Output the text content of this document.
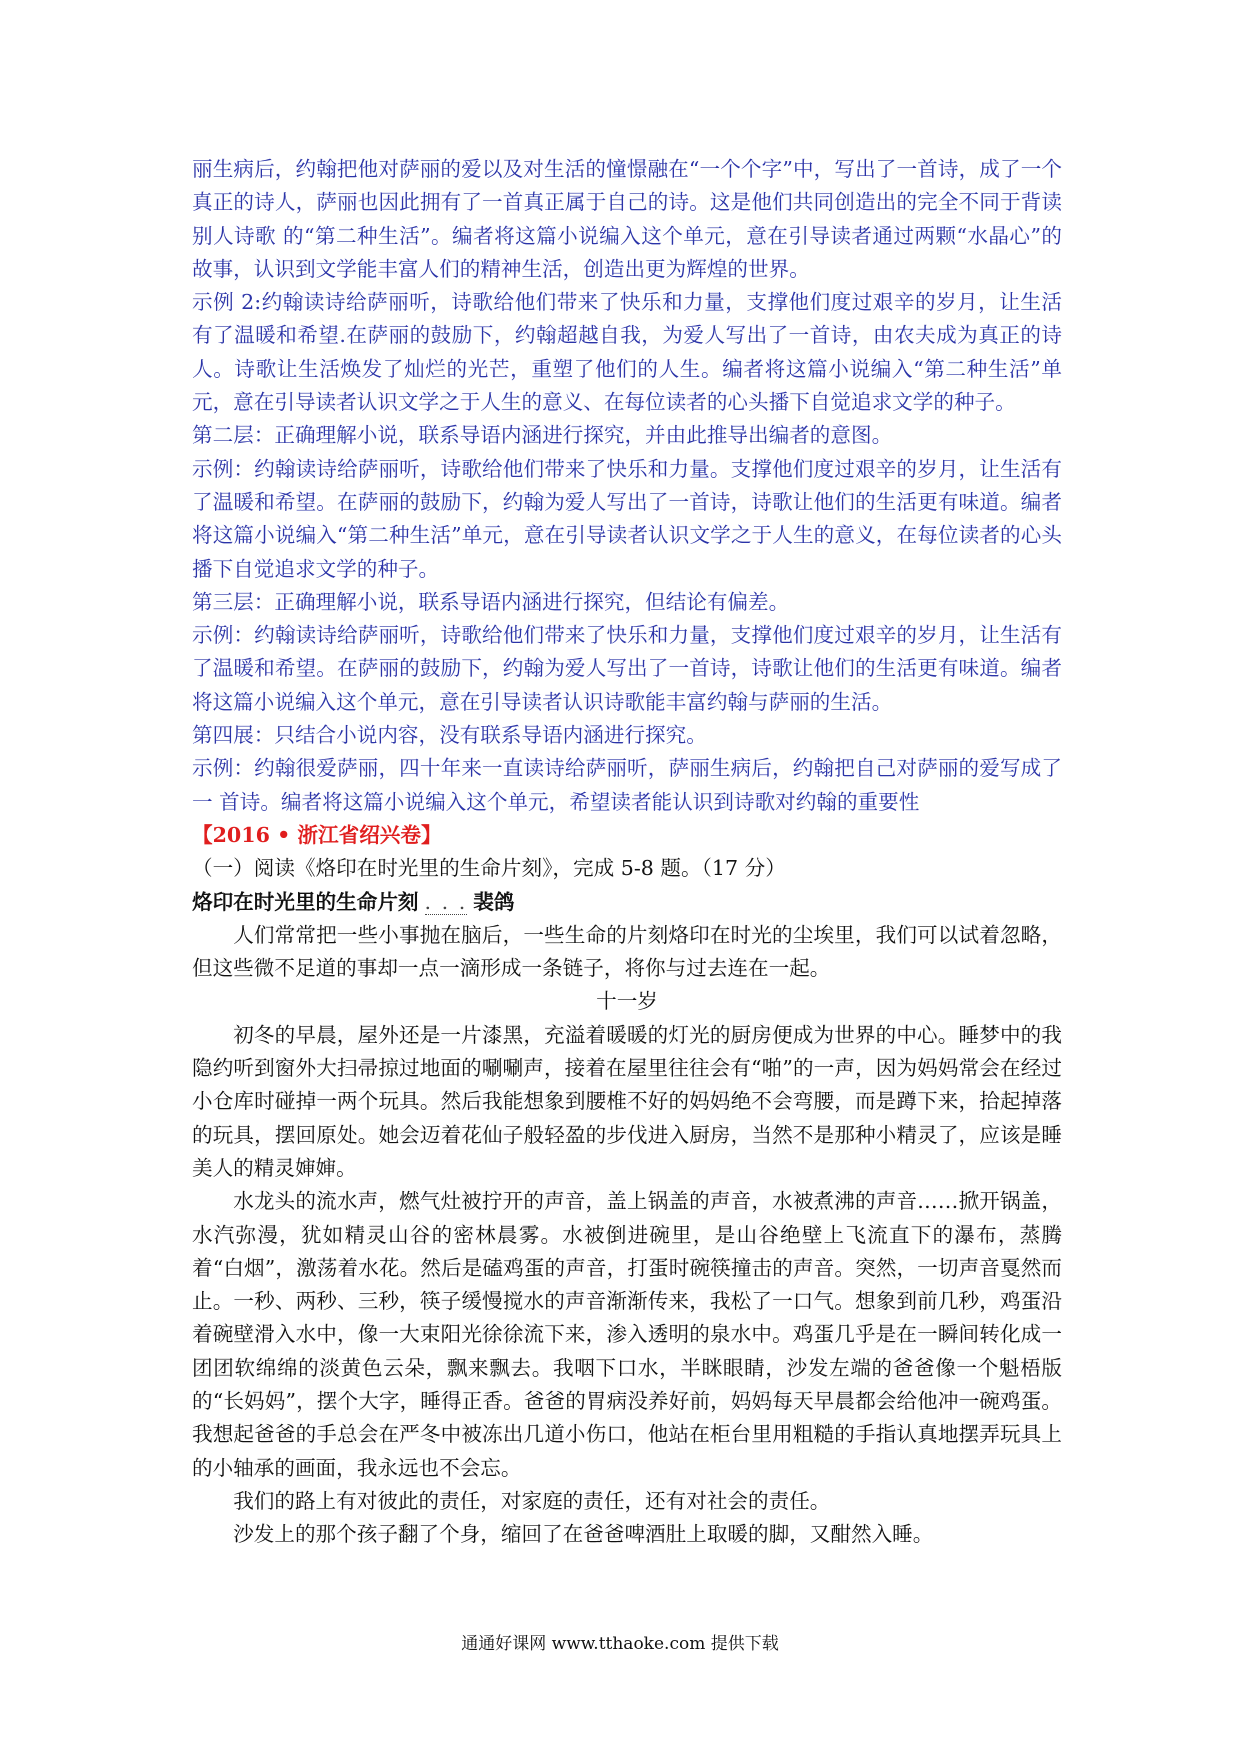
丽生病后，约翰把他对萨丽的爱以及对生活的憧憬融在“一个个字”中，写出了一首诗，成了一个真正的诗人，萨丽也因此拥有了一首真正属于自己的诗。这是他们共同创造出的完全不同于背读别人诗歌 的“第二种生活”。编者将这篇小说编入这个单元，意在引导读者通过两颗“水晶心”的故事，认识到文学能丰富人们的精神生活，创造出更为辉煌的世界。

示例 2:约翰读诗给萨丽听，诗歌给他们带来了快乐和力量，支撑他们度过艰辛的岁月，让生活有了温暖和希望.在萨丽的鼓励下，约翰超越自我，为爱人写出了一首诗，由农夫成为真正的诗人。诗歌让生活焕发了灿烂的光芒，重塑了他们的人生。编者将这篇小说编入“第二种生活”单元，意在引导读者认识文学之于人生的意义、在每位读者的心头播下自觉追求文学的种子。

第二层：正确理解小说，联系导语内涵进行探究，并由此推导出编者的意图。

示例：约翰读诗给萨丽听，诗歌给他们带来了快乐和力量。支撑他们度过艰辛的岁月，让生活有了温暖和希望。在萨丽的鼓励下，约翰为爱人写出了一首诗，诗歌让他们的生活更有味道。编者将这篇小说编入“第二种生活”单元，意在引导读者认识文学之于人生的意义，在每位读者的心头播下自觉追求文学的种子。

第三层：正确理解小说，联系导语内涵进行探究，但结论有偏差。

示例：约翰读诗给萨丽听，诗歌给他们带来了快乐和力量，支撑他们度过艰辛的岁月，让生活有了温暖和希望。在萨丽的鼓励下，约翰为爱人写出了一首诗，诗歌让他们的生活更有味道。编者将这篇小说编入这个单元，意在引导读者认识诗歌能丰富约翰与萨丽的生活。

第四展：只结合小说内容，没有联系导语内涵进行探究。

示例：约翰很爱萨丽，四十年来一直读诗给萨丽听，萨丽生病后，约翰把自己对萨丽的爱写成了一 首诗。编者将这篇小说编入这个单元，希望读者能认识到诗歌对约翰的重要性

【2016 • 浙江省绍兴卷】

（一）阅读《烙印在时光里的生命片刻》，完成 5-8 题。（17 分）

烙印在时光里的生命片刻 . . . 裴鸽

人们常常把一些小事抛在脑后，一些生命的片刻烙印在时光的尘埃里，我们可以试着忽略，但这些微不足道的事却一点一滴形成一条链子，将你与过去连在一起。

十一岁

初冬的早晨，屋外还是一片漆黑，充溢着暖暖的灯光的厨房便成为世界的中心。睡梦中的我隐约听到窗外大扫帚掠过地面的唰唰声，接着在屋里往往会有“啪”的一声，因为妈妈常会在经过小仓库时碰掉一两个玩具。然后我能想象到腰椎不好的妈妈绝不会弯腰，而是蹲下来，拾起掉落的玩具，摆回原处。她会迈着花仙子般轻盈的步伐进入厨房，当然不是那种小精灵了，应该是睡美人的精灵婶婶。

水龙头的流水声，燃气灶被拧开的声音，盖上锅盖的声音，水被煮沸的声音……掀开锅盖，水汽弥漫，犹如精灵山谷的密林晨雾。水被倒进碗里，是山谷绝壁上飞流直下的瀑布，蒸腾着“白烟”，激荡着水花。然后是磕鸡蛋的声音，打蛋时碗筷撞击的声音。突然，一切声音戛然而止。一秒、两秒、三秒，筷子缓慢搅水的声音渐渐传来，我松了一口气。想象到前几秒，鸡蛋沿着碗壁滑入水中，像一大束阳光徐徐流下来，渗入透明的泉水中。鸡蛋几乎是在一瞬间转化成一团团软绵绵的淡黄色云朵，飘来飘去。我咽下口水，半眯眼睛，沙发左端的爸爸像一个魁梧版的“长妈妈”，摆个大字，睡得正香。爸爸的胃病没养好前，妈妈每天早晨都会给他冲一碗鸡蛋。我想起爸爸的手总会在严冬中被冻出几道小伤口，他站在柜台里用粗糙的手指认真地摆弄玩具上的小轴承的画面，我永远也不会忘。

我们的路上有对彼此的责任，对家庭的责任，还有对社会的责任。

沙发上的那个孩子翻了个身，缩回了在爸爸啤酒肚上取暖的脚，又酣然入睡。

通通好课网 www.tthaoke.com 提供下载
